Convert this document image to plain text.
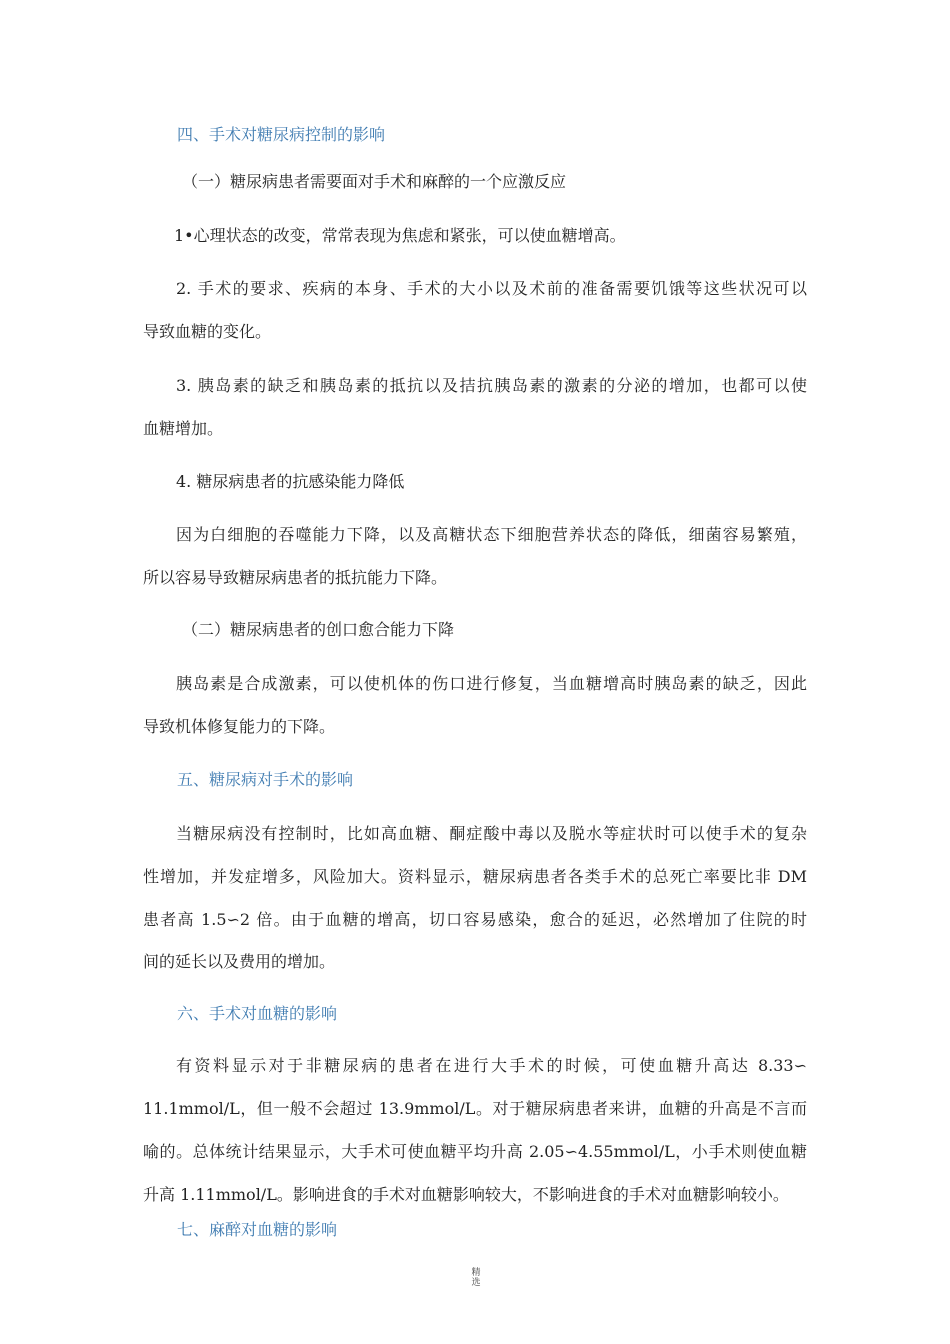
四、手术对糖尿病控制的影响

（一）糖尿病患者需要面对手术和麻醉的一个应激反应

1•心理状态的改变，常常表现为焦虑和紧张，可以使血糖增高。

2. 手术的要求、疾病的本身、手术的大小以及术前的准备需要饥饿等这些状况可以

导致血糖的变化。

3. 胰岛素的缺乏和胰岛素的抵抗以及拮抗胰岛素的激素的分泌的增加，也都可以使

血糖增加。

4. 糖尿病患者的抗感染能力降低

因为白细胞的吞噬能力下降，以及高糖状态下细胞营养状态的降低，细菌容易繁殖，

所以容易导致糖尿病患者的抵抗能力下降。

（二）糖尿病患者的创口愈合能力下降

胰岛素是合成激素，可以使机体的伤口进行修复，当血糖增高时胰岛素的缺乏，因此

导致机体修复能力的下降。

五、糖尿病对手术的影响

当糖尿病没有控制时，比如高血糖、酮症酸中毒以及脱水等症状时可以使手术的复杂

性增加，并发症增多，风险加大。资料显示，糖尿病患者各类手术的总死亡率要比非 DM

患者高 1.5∽2 倍。由于血糖的增高，切口容易感染，愈合的延迟，必然增加了住院的时

间的延长以及费用的增加。

六、手术对血糖的影响

有资料显示对于非糖尿病的患者在进行大手术的时候，可使血糖升高达 8.33∽

11.1mmol/L，但一般不会超过 13.9mmol/L。对于糖尿病患者来讲，血糖的升高是不言而

喻的。总体统计结果显示，大手术可使血糖平均升高 2.05∽4.55mmol/L，小手术则使血糖

升高 1.11mmol/L。影响进食的手术对血糖影响较大，不影响进食的手术对血糖影响较小。

七、麻醉对血糖的影响

精
选
